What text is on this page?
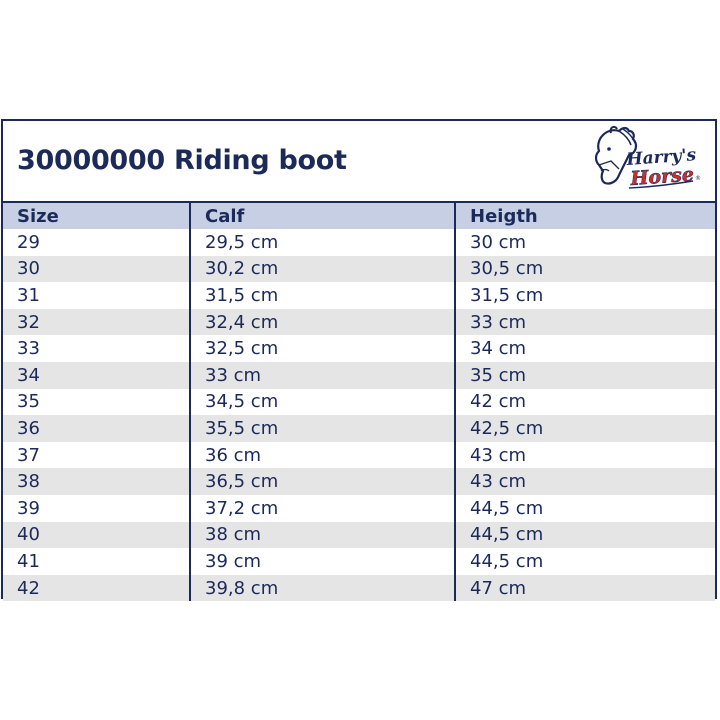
30000000 Riding boot	Harry's
Horse ®
Size	Calf	Heigth
29	29,5 cm	30 cm
30	30,2 cm	30,5 cm
31	31,5 cm	31,5 cm
32	32,4 cm	33 cm
33	32,5 cm	34 cm
34	33 cm	35 cm
35	34,5 cm	42 cm
36	35,5 cm	42,5 cm
37	36 cm	43 cm
38	36,5 cm	43 cm
39	37,2 cm	44,5 cm
40	38 cm	44,5 cm
41	39 cm	44,5 cm
42	39,8 cm	47 cm
